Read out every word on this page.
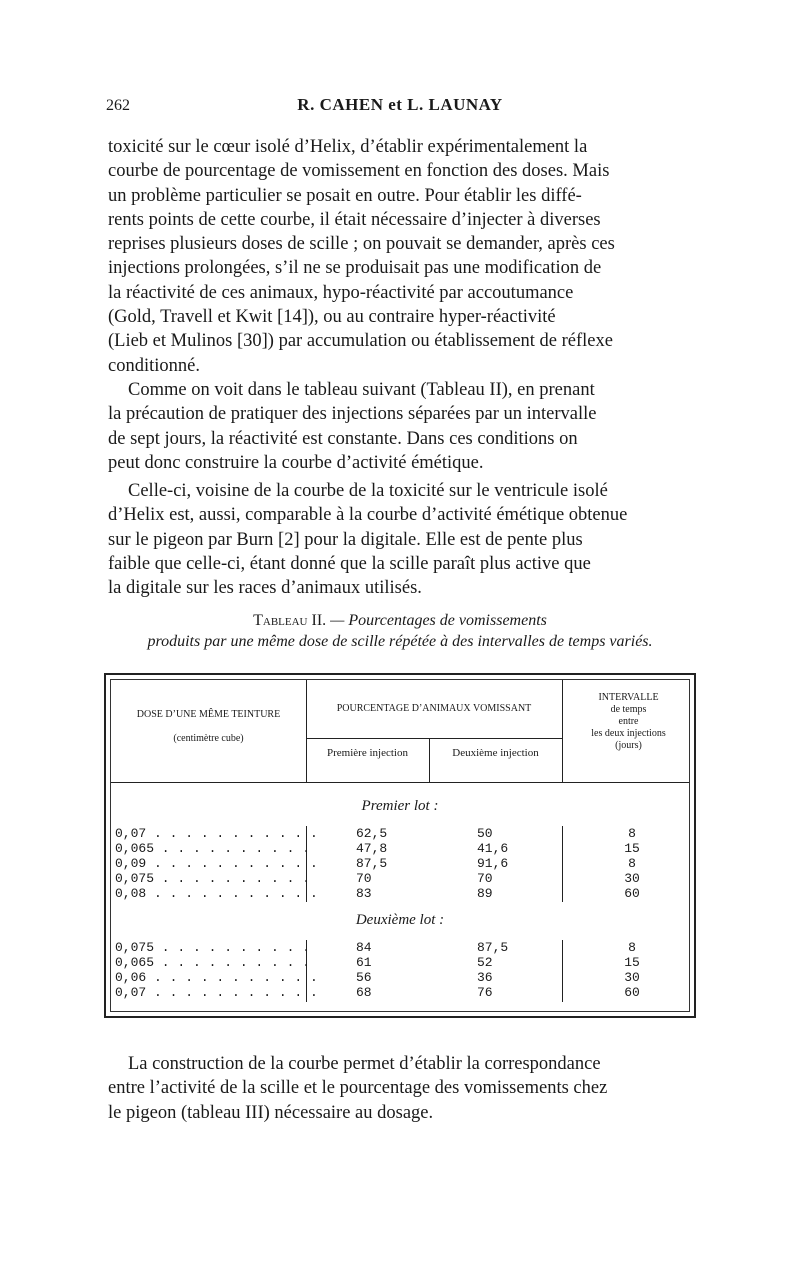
262	R. CAHEN et L. LAUNAY

toxicité sur le cœur isolé d’Helix, d’établir expérimentalement la

courbe de pourcentage de vomissement en fonction des doses. Mais

un problème particulier se posait en outre. Pour établir les diffé-

rents points de cette courbe, il était nécessaire d’injecter à diverses

reprises plusieurs doses de scille ; on pouvait se demander, après ces

injections prolongées, s’il ne se produisait pas une modification de

la réactivité de ces animaux, hypo-réactivité par accoutumance

(Gold, Travell et Kwit [14]), ou au contraire hyper-réactivité

(Lieb et Mulinos [30]) par accumulation ou établissement de réflexe

conditionné.

Comme on voit dans le tableau suivant (Tableau II), en prenant

la précaution de pratiquer des injections séparées par un intervalle

de sept jours, la réactivité est constante. Dans ces conditions on

peut donc construire la courbe d’activité émétique.

Celle-ci, voisine de la courbe de la toxicité sur le ventricule isolé

d’Helix est, aussi, comparable à la courbe d’activité émétique obtenue

sur le pigeon par Burn [2] pour la digitale. Elle est de pente plus

faible que celle-ci, étant donné que la scille paraît plus active que

la digitale sur les races d’animaux utilisés.

Tableau II. — Pourcentages de vomissements
produits par une même dose de scille répétée à des intervalles de temps variés.
DOSE D’UNE MÊME TEINTURE
(centimètre cube)
POURCENTAGE D’ANIMAUX VOMISSANT
Première injection	Deuxième injection
INTERVALLE
de temps
entre
les deux injections
(jours)
Premier lot :
0,07 . . . . . . . . . . .	62,5	50	8
0,065 . . . . . . . . . .	47,8	41,6	15
0,09 . . . . . . . . . . .	87,5	91,6	8
0,075 . . . . . . . . . .	70	70	30
0,08 . . . . . . . . . . .	83	89	60
Deuxième lot :
0,075 . . . . . . . . . .	84	87,5	8
0,065 . . . . . . . . . .	61	52	15
0,06 . . . . . . . . . . .	56	36	30
0,07 . . . . . . . . . . .	68	76	60

La construction de la courbe permet d’établir la correspondance

entre l’activité de la scille et le pourcentage des vomissements chez

le pigeon (tableau III) nécessaire au dosage.
